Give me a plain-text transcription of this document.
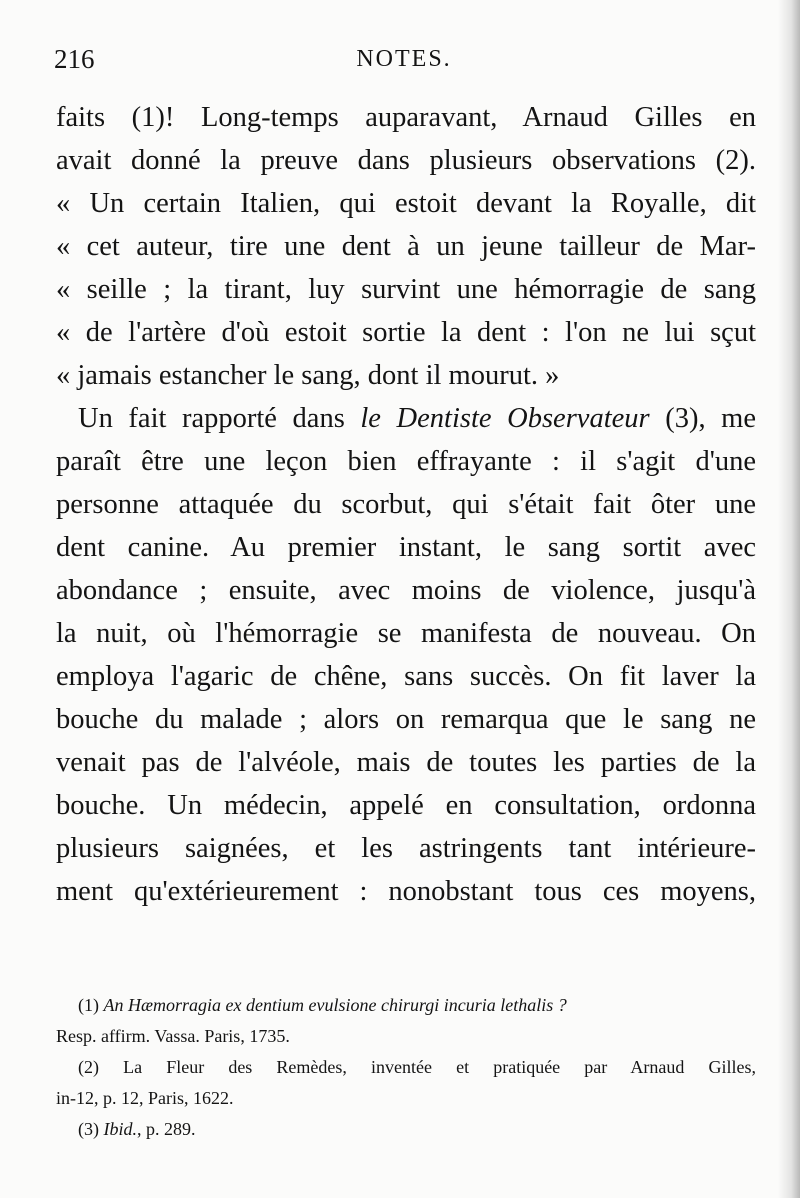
216	NOTES.
faits (1)! Long-temps auparavant, Arnaud Gilles en
avait donné la preuve dans plusieurs observations (2).
« Un certain Italien, qui estoit devant la Royalle, dit
« cet auteur, tire une dent à un jeune tailleur de Mar-
« seille ; la tirant, luy survint une hémorragie de sang
« de l'artère d'où estoit sortie la dent : l'on ne lui sçut
« jamais estancher le sang, dont il mourut. »
Un fait rapporté dans le Dentiste Observateur (3), me
paraît être une leçon bien effrayante : il s'agit d'une
personne attaquée du scorbut, qui s'était fait ôter une
dent canine. Au premier instant, le sang sortit avec
abondance ; ensuite, avec moins de violence, jusqu'à
la nuit, où l'hémorragie se manifesta de nouveau. On
employa l'agaric de chêne, sans succès. On fit laver la
bouche du malade ; alors on remarqua que le sang ne
venait pas de l'alvéole, mais de toutes les parties de la
bouche. Un médecin, appelé en consultation, ordonna
plusieurs saignées, et les astringents tant intérieure-
ment qu'extérieurement : nonobstant tous ces moyens,
(1) An Hæmorragia ex dentium evulsione chirurgi incuria lethalis ?
Resp. affirm. Vassa. Paris, 1735.
(2) La Fleur des Remèdes, inventée et pratiquée par Arnaud Gilles,
in-12, p. 12, Paris, 1622.
(3) Ibid., p. 289.
